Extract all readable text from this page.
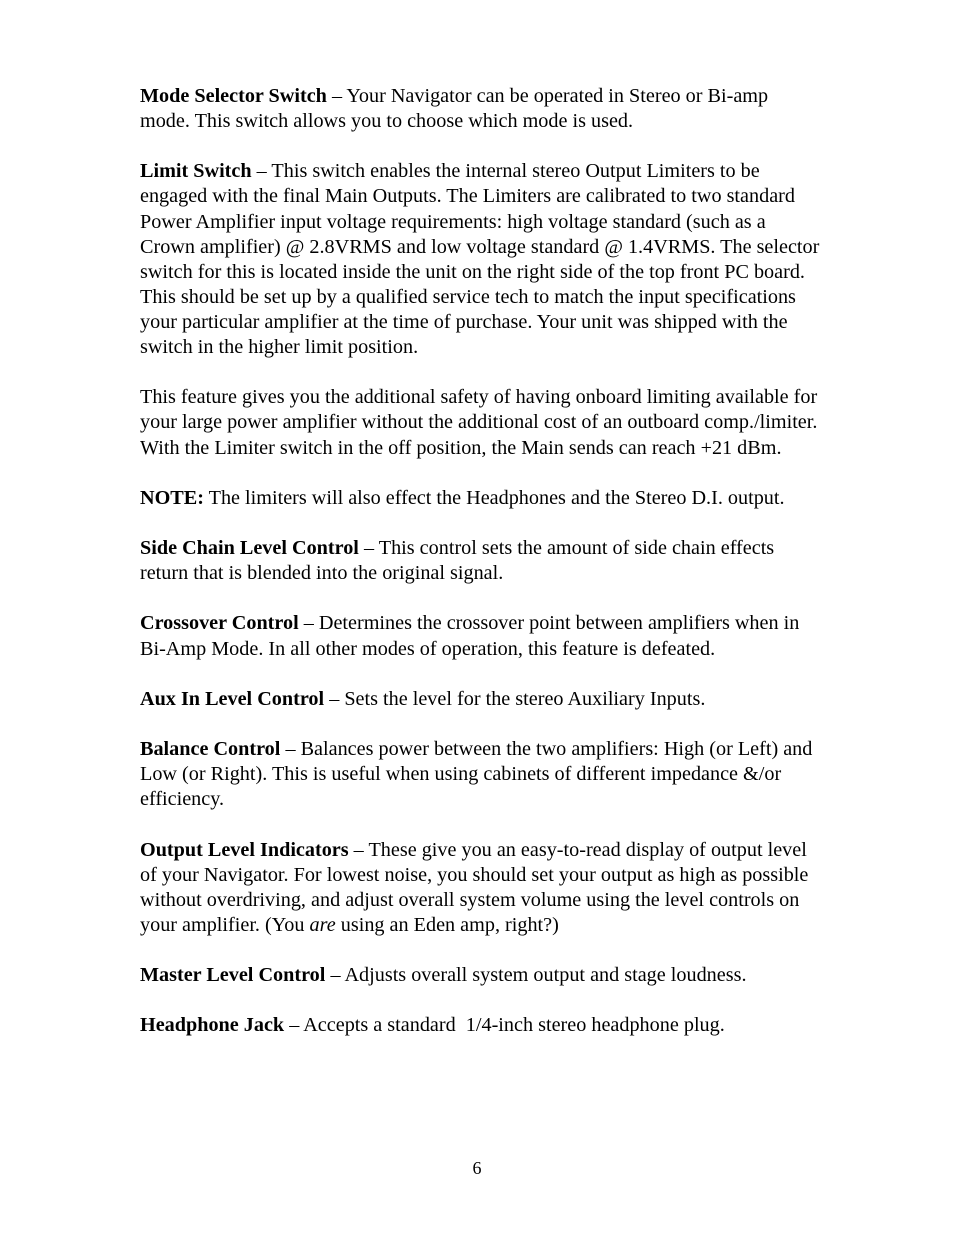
Mode Selector Switch – Your Navigator can be operated in Stereo or Bi-amp mode. This switch allows you to choose which mode is used.

Limit Switch – This switch enables the internal stereo Output Limiters to be engaged with the final Main Outputs. The Limiters are calibrated to two standard Power Amplifier input voltage requirements: high voltage standard (such as a Crown amplifier) @ 2.8VRMS and low voltage standard @ 1.4VRMS. The selector switch for this is located inside the unit on the right side of the top front PC board. This should be set up by a qualified service tech to match the input specifications your particular amplifier at the time of purchase. Your unit was shipped with the switch in the higher limit position.

This feature gives you the additional safety of having onboard limiting available for your large power amplifier without the additional cost of an outboard comp./limiter. With the Limiter switch in the off position, the Main sends can reach +21 dBm.

NOTE: The limiters will also effect the Headphones and the Stereo D.I. output.

Side Chain Level Control – This control sets the amount of side chain effects return that is blended into the original signal.

Crossover Control – Determines the crossover point between amplifiers when in Bi-Amp Mode. In all other modes of operation, this feature is defeated.

Aux In Level Control – Sets the level for the stereo Auxiliary Inputs.

Balance Control – Balances power between the two amplifiers: High (or Left) and Low (or Right). This is useful when using cabinets of different impedance &/or efficiency.

Output Level Indicators – These give you an easy-to-read display of output level of your Navigator. For lowest noise, you should set your output as high as possible without overdriving, and adjust overall system volume using the level controls on your amplifier. (You are using an Eden amp, right?)

Master Level Control – Adjusts overall system output and stage loudness.

Headphone Jack – Accepts a standard  1/4-inch stereo headphone plug.

6
